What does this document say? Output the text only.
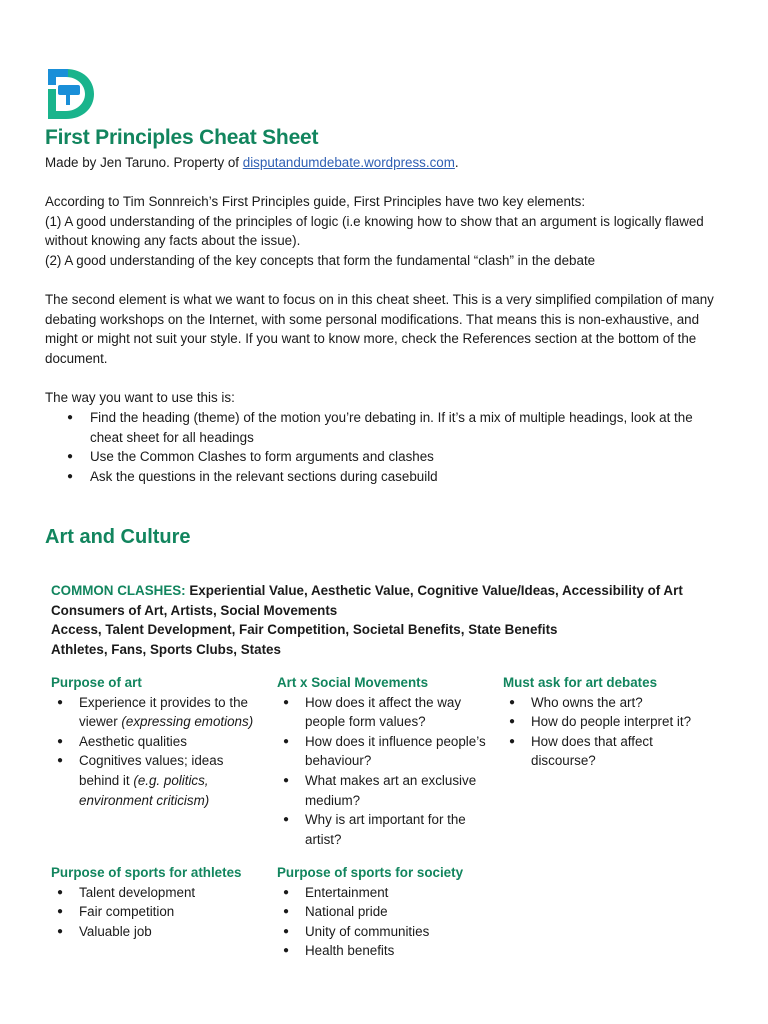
First Principles Cheat Sheet
Made by Jen Taruno. Property of disputandumdebate.wordpress.com.
According to Tim Sonnreich’s First Principles guide, First Principles have two key elements:
(1) A good understanding of the principles of logic (i.e knowing how to show that an argument is logically flawed without knowing any facts about the issue).
(2) A good understanding of the key concepts that form the fundamental “clash” in the debate
The second element is what we want to focus on in this cheat sheet. This is a very simplified compilation of many debating workshops on the Internet, with some personal modifications. That means this is non-exhaustive, and might or might not suit your style. If you want to know more, check the References section at the bottom of the document.
The way you want to use this is:
● Find the heading (theme) of the motion you’re debating in. If it’s a mix of multiple headings, look at the cheat sheet for all headings
● Use the Common Clashes to form arguments and clashes
● Ask the questions in the relevant sections during casebuild
Art and Culture
COMMON CLASHES: Experiential Value, Aesthetic Value, Cognitive Value/Ideas, Accessibility of Art
Consumers of Art, Artists, Social Movements
Access, Talent Development, Fair Competition, Societal Benefits, State Benefits
Athletes, Fans, Sports Clubs, States
Purpose of art
● Experience it provides to the viewer (expressing emotions)
● Aesthetic qualities
● Cognitives values; ideas behind it (e.g. politics, environment criticism)
Art x Social Movements
● How does it affect the way people form values?
● How does it influence people’s behaviour?
● What makes art an exclusive medium?
● Why is art important for the artist?
Must ask for art debates
● Who owns the art?
● How do people interpret it?
● How does that affect discourse?
Purpose of sports for athletes
● Talent development
● Fair competition
● Valuable job
Purpose of sports for society
● Entertainment
● National pride
● Unity of communities
● Health benefits
